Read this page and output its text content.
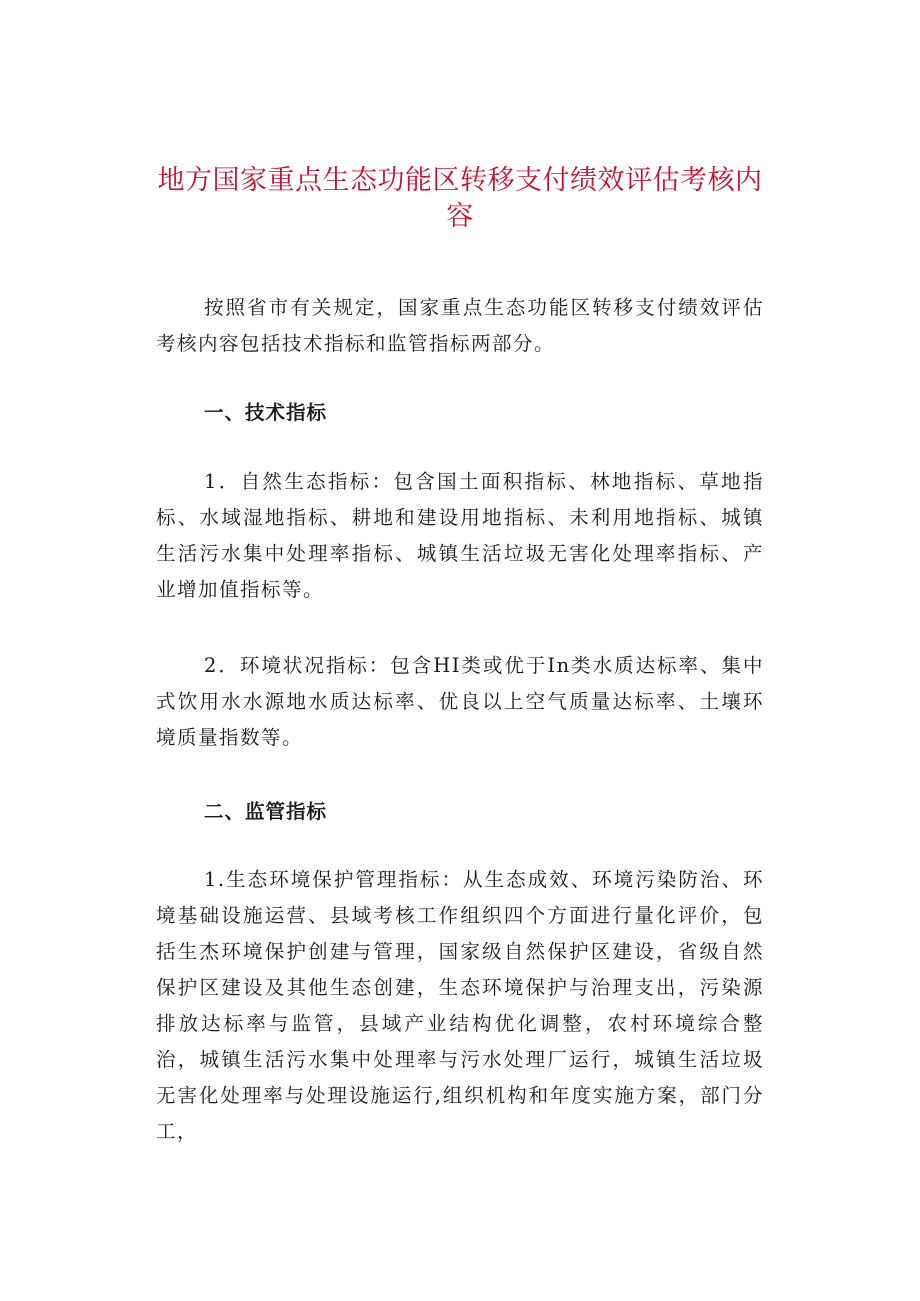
地方国家重点生态功能区转移支付绩效评估考核内容

按照省市有关规定，国家重点生态功能区转移支付绩效评估考核内容包括技术指标和监管指标两部分。

一、技术指标

1．自然生态指标：包含国土面积指标、林地指标、草地指标、水域湿地指标、耕地和建设用地指标、未利用地指标、城镇生活污水集中处理率指标、城镇生活垃圾无害化处理率指标、产业增加值指标等。

2．环境状况指标：包含HI类或优于In类水质达标率、集中式饮用水水源地水质达标率、优良以上空气质量达标率、土壤环境质量指数等。

二、监管指标

1.生态环境保护管理指标：从生态成效、环境污染防治、环境基础设施运营、县域考核工作组织四个方面进行量化评价，包括生杰环境保护创建与管理，国家级自然保护区建设，省级自然保护区建设及其他生态创建，生态环境保护与治理支出，污染源排放达标率与监管，县域产业结构优化调整，农村环境综合整治，城镇生活污水集中处理率与污水处理厂运行，城镇生活垃圾无害化处理率与处理设施运行,组织机构和年度实施方案，部门分工，
